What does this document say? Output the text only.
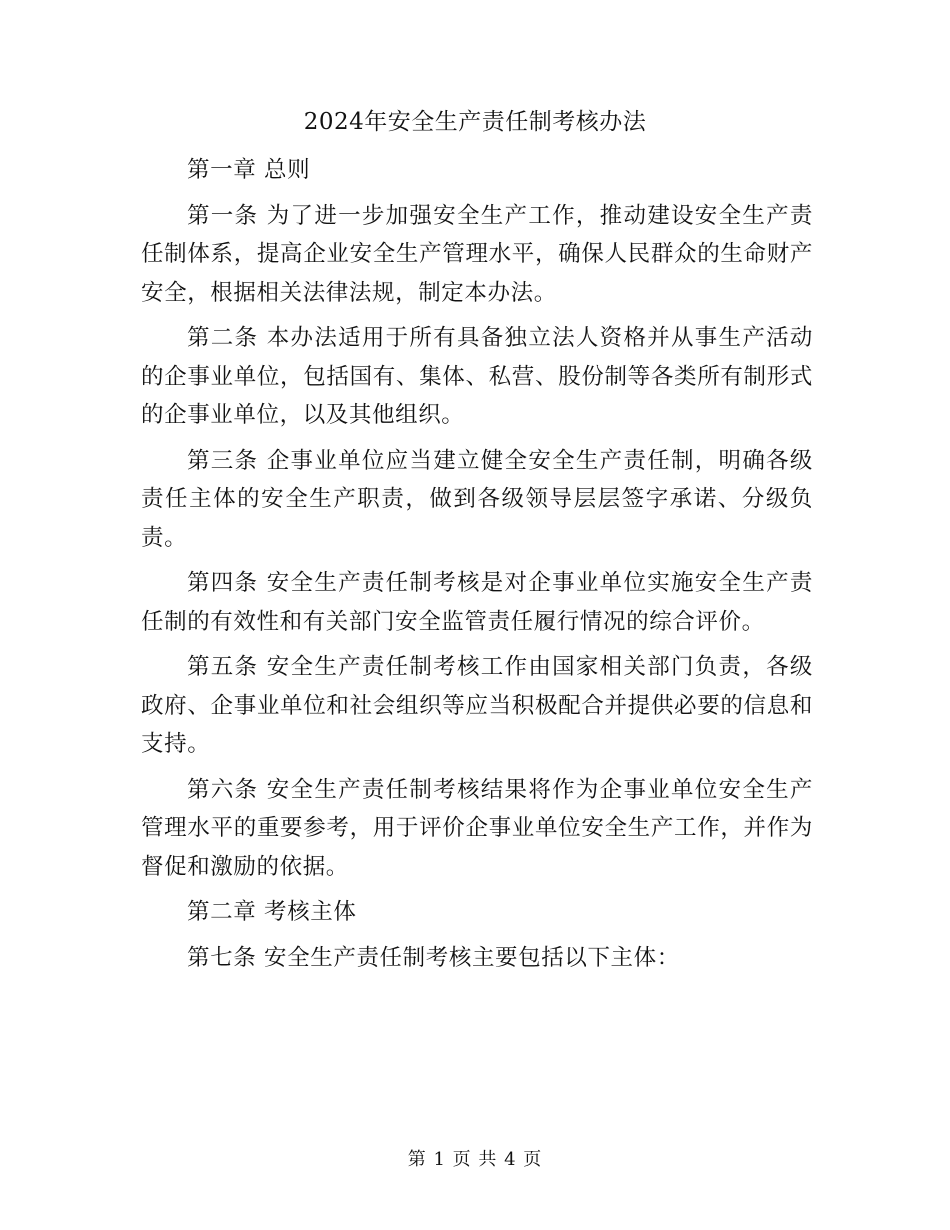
2024年安全生产责任制考核办法

第一章 总则

第一条 为了进一步加强安全生产工作，推动建设安全生产责任制体系，提高企业安全生产管理水平，确保人民群众的生命财产安全，根据相关法律法规，制定本办法。

第二条 本办法适用于所有具备独立法人资格并从事生产活动的企事业单位，包括国有、集体、私营、股份制等各类所有制形式的企事业单位，以及其他组织。

第三条 企事业单位应当建立健全安全生产责任制，明确各级责任主体的安全生产职责，做到各级领导层层签字承诺、分级负责。

第四条 安全生产责任制考核是对企事业单位实施安全生产责任制的有效性和有关部门安全监管责任履行情况的综合评价。

第五条 安全生产责任制考核工作由国家相关部门负责，各级政府、企事业单位和社会组织等应当积极配合并提供必要的信息和支持。

第六条 安全生产责任制考核结果将作为企事业单位安全生产管理水平的重要参考，用于评价企事业单位安全生产工作，并作为督促和激励的依据。

第二章 考核主体

第七条 安全生产责任制考核主要包括以下主体：

第 1 页 共 4 页
